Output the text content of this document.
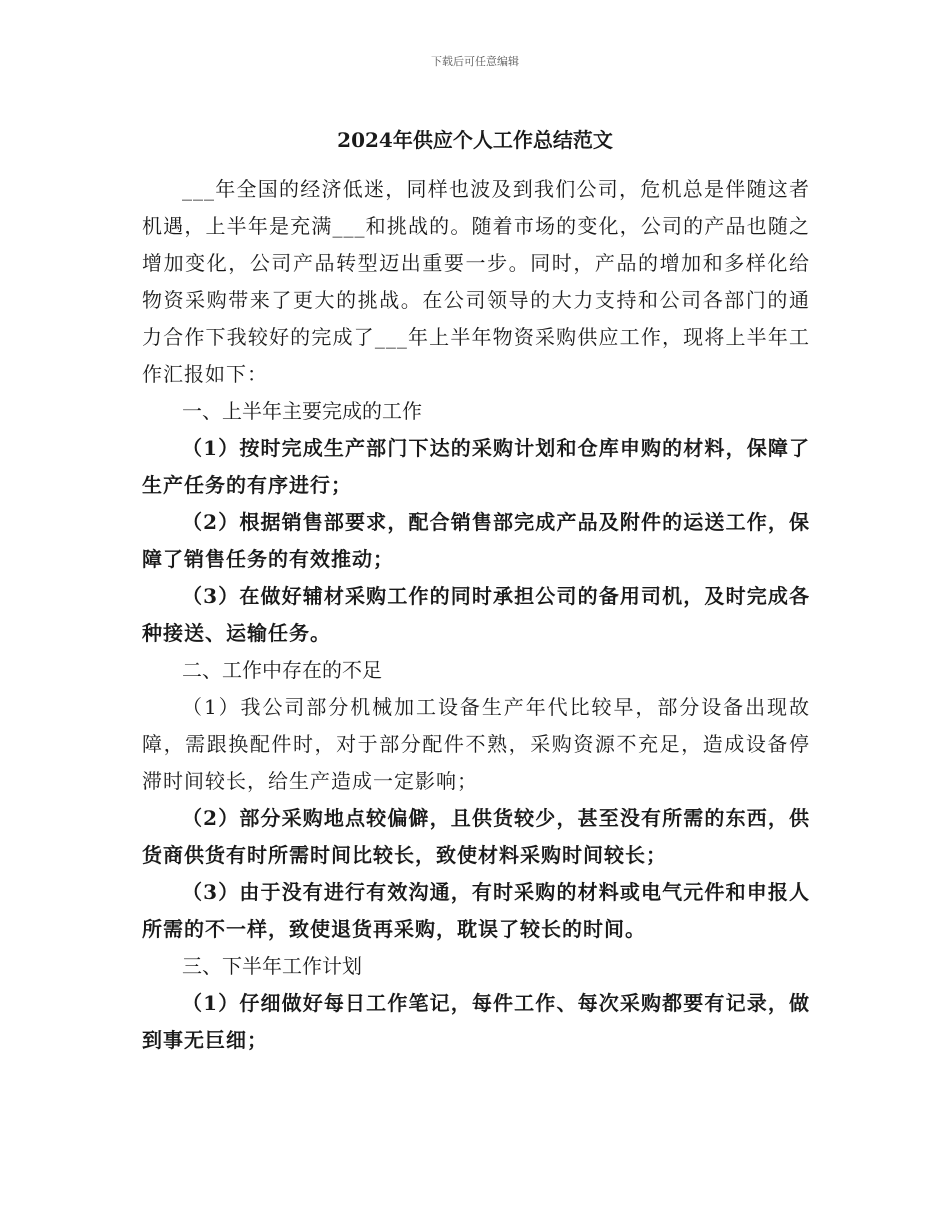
下载后可任意编辑
2024年供应个人工作总结范文

___年全国的经济低迷，同样也波及到我们公司，危机总是伴随这者机遇，上半年是充满___和挑战的。随着市场的变化，公司的产品也随之增加变化，公司产品转型迈出重要一步。同时，产品的增加和多样化给物资采购带来了更大的挑战。在公司领导的大力支持和公司各部门的通力合作下我较好的完成了___年上半年物资采购供应工作，现将上半年工作汇报如下：

一、上半年主要完成的工作

（1）按时完成生产部门下达的采购计划和仓库申购的材料，保障了生产任务的有序进行；

（2）根据销售部要求，配合销售部完成产品及附件的运送工作，保障了销售任务的有效推动；

（3）在做好辅材采购工作的同时承担公司的备用司机，及时完成各种接送、运输任务。

二、工作中存在的不足

（1）我公司部分机械加工设备生产年代比较早，部分设备出现故障，需跟换配件时，对于部分配件不熟，采购资源不充足，造成设备停滞时间较长，给生产造成一定影响；

（2）部分采购地点较偏僻，且供货较少，甚至没有所需的东西，供货商供货有时所需时间比较长，致使材料采购时间较长；

（3）由于没有进行有效沟通，有时采购的材料或电气元件和申报人所需的不一样，致使退货再采购，耽误了较长的时间。

三、下半年工作计划

（1）仔细做好每日工作笔记，每件工作、每次采购都要有记录，做到事无巨细；
